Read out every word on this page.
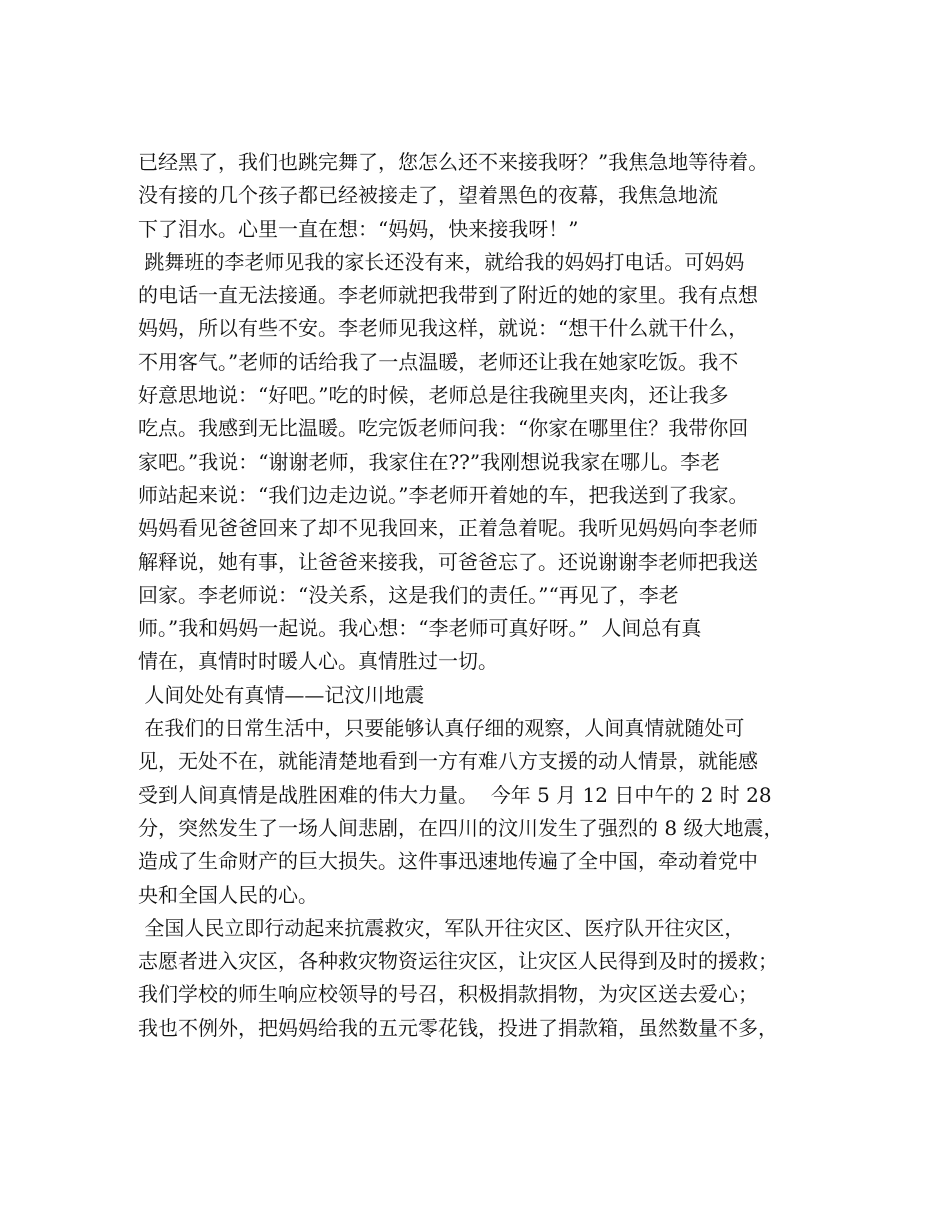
已经黑了，我们也跳完舞了，您怎么还不来接我呀？”我焦急地等待着。
没有接的几个孩子都已经被接走了，望着黑色的夜幕，我焦急地流
下了泪水。心里一直在想：“妈妈，快来接我呀！”
跳舞班的李老师见我的家长还没有来，就给我的妈妈打电话。可妈妈
的电话一直无法接通。李老师就把我带到了附近的她的家里。我有点想
妈妈，所以有些不安。李老师见我这样，就说：“想干什么就干什么，
不用客气。”老师的话给我了一点温暖，老师还让我在她家吃饭。我不
好意思地说：“好吧。”吃的时候，老师总是往我碗里夹肉，还让我多
吃点。我感到无比温暖。吃完饭老师问我：“你家在哪里住？我带你回
家吧。”我说：“谢谢老师，我家住在??”我刚想说我家在哪儿。李老
师站起来说：“我们边走边说。”李老师开着她的车，把我送到了我家。
妈妈看见爸爸回来了却不见我回来，正着急着呢。我听见妈妈向李老师
解释说，她有事，让爸爸来接我，可爸爸忘了。还说谢谢李老师把我送
回家。李老师说：“没关系，这是我们的责任。”“再见了，李老
师。”我和妈妈一起说。我心想：“李老师可真好呀。”  人间总有真
情在，真情时时暖人心。真情胜过一切。
人间处处有真情——记汶川地震
在我们的日常生活中，只要能够认真仔细的观察，人间真情就随处可
见，无处不在，就能清楚地看到一方有难八方支援的动人情景，就能感
受到人间真情是战胜困难的伟大力量。  今年 5 月 12 日中午的 2 时 28
分，突然发生了一场人间悲剧，在四川的汶川发生了强烈的 8 级大地震，
造成了生命财产的巨大损失。这件事迅速地传遍了全中国，牵动着党中
央和全国人民的心。
全国人民立即行动起来抗震救灾，军队开往灾区、医疗队开往灾区，
志愿者进入灾区，各种救灾物资运往灾区，让灾区人民得到及时的援救；
我们学校的师生响应校领导的号召，积极捐款捐物，为灾区送去爱心；
我也不例外，把妈妈给我的五元零花钱，投进了捐款箱，虽然数量不多，
